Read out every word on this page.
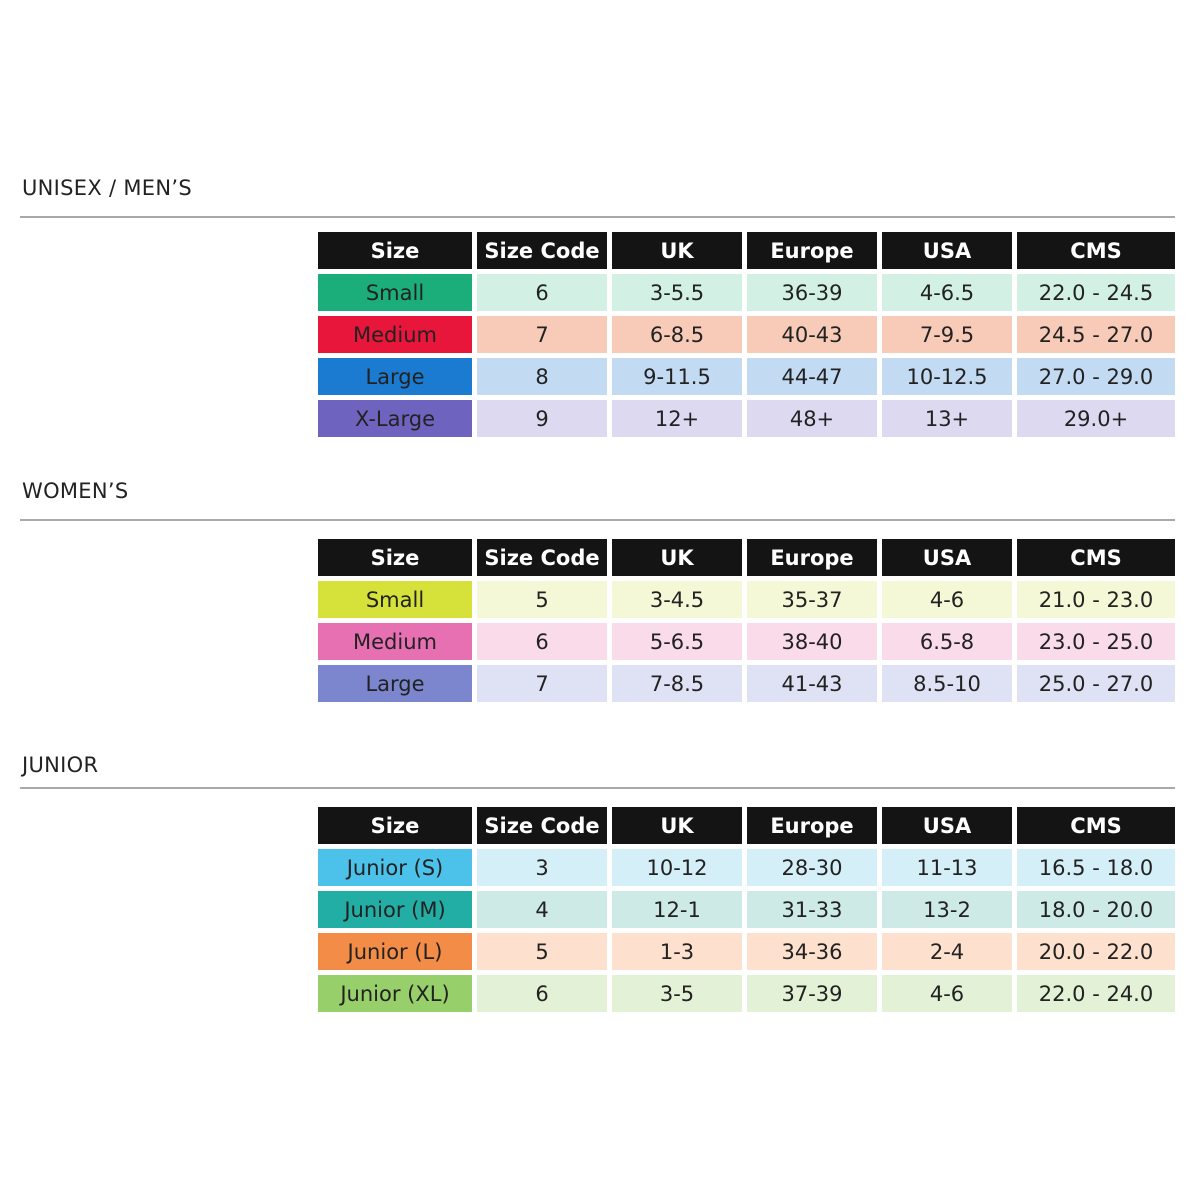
UNISEX / MEN’S
Size	Size Code	UK	Europe	USA	CMS
Small	6	3-5.5	36-39	4-6.5	22.0 - 24.5
Medium	7	6-8.5	40-43	7-9.5	24.5 - 27.0
Large	8	9-11.5	44-47	10-12.5	27.0 - 29.0
X-Large	9	12+	48+	13+	29.0+
WOMEN’S
Size	Size Code	UK	Europe	USA	CMS
Small	5	3-4.5	35-37	4-6	21.0 - 23.0
Medium	6	5-6.5	38-40	6.5-8	23.0 - 25.0
Large	7	7-8.5	41-43	8.5-10	25.0 - 27.0
JUNIOR
Size	Size Code	UK	Europe	USA	CMS
Junior (S)	3	10-12	28-30	11-13	16.5 - 18.0
Junior (M)	4	12-1	31-33	13-2	18.0 - 20.0
Junior (L)	5	1-3	34-36	2-4	20.0 - 22.0
Junior (XL)	6	3-5	37-39	4-6	22.0 - 24.0
